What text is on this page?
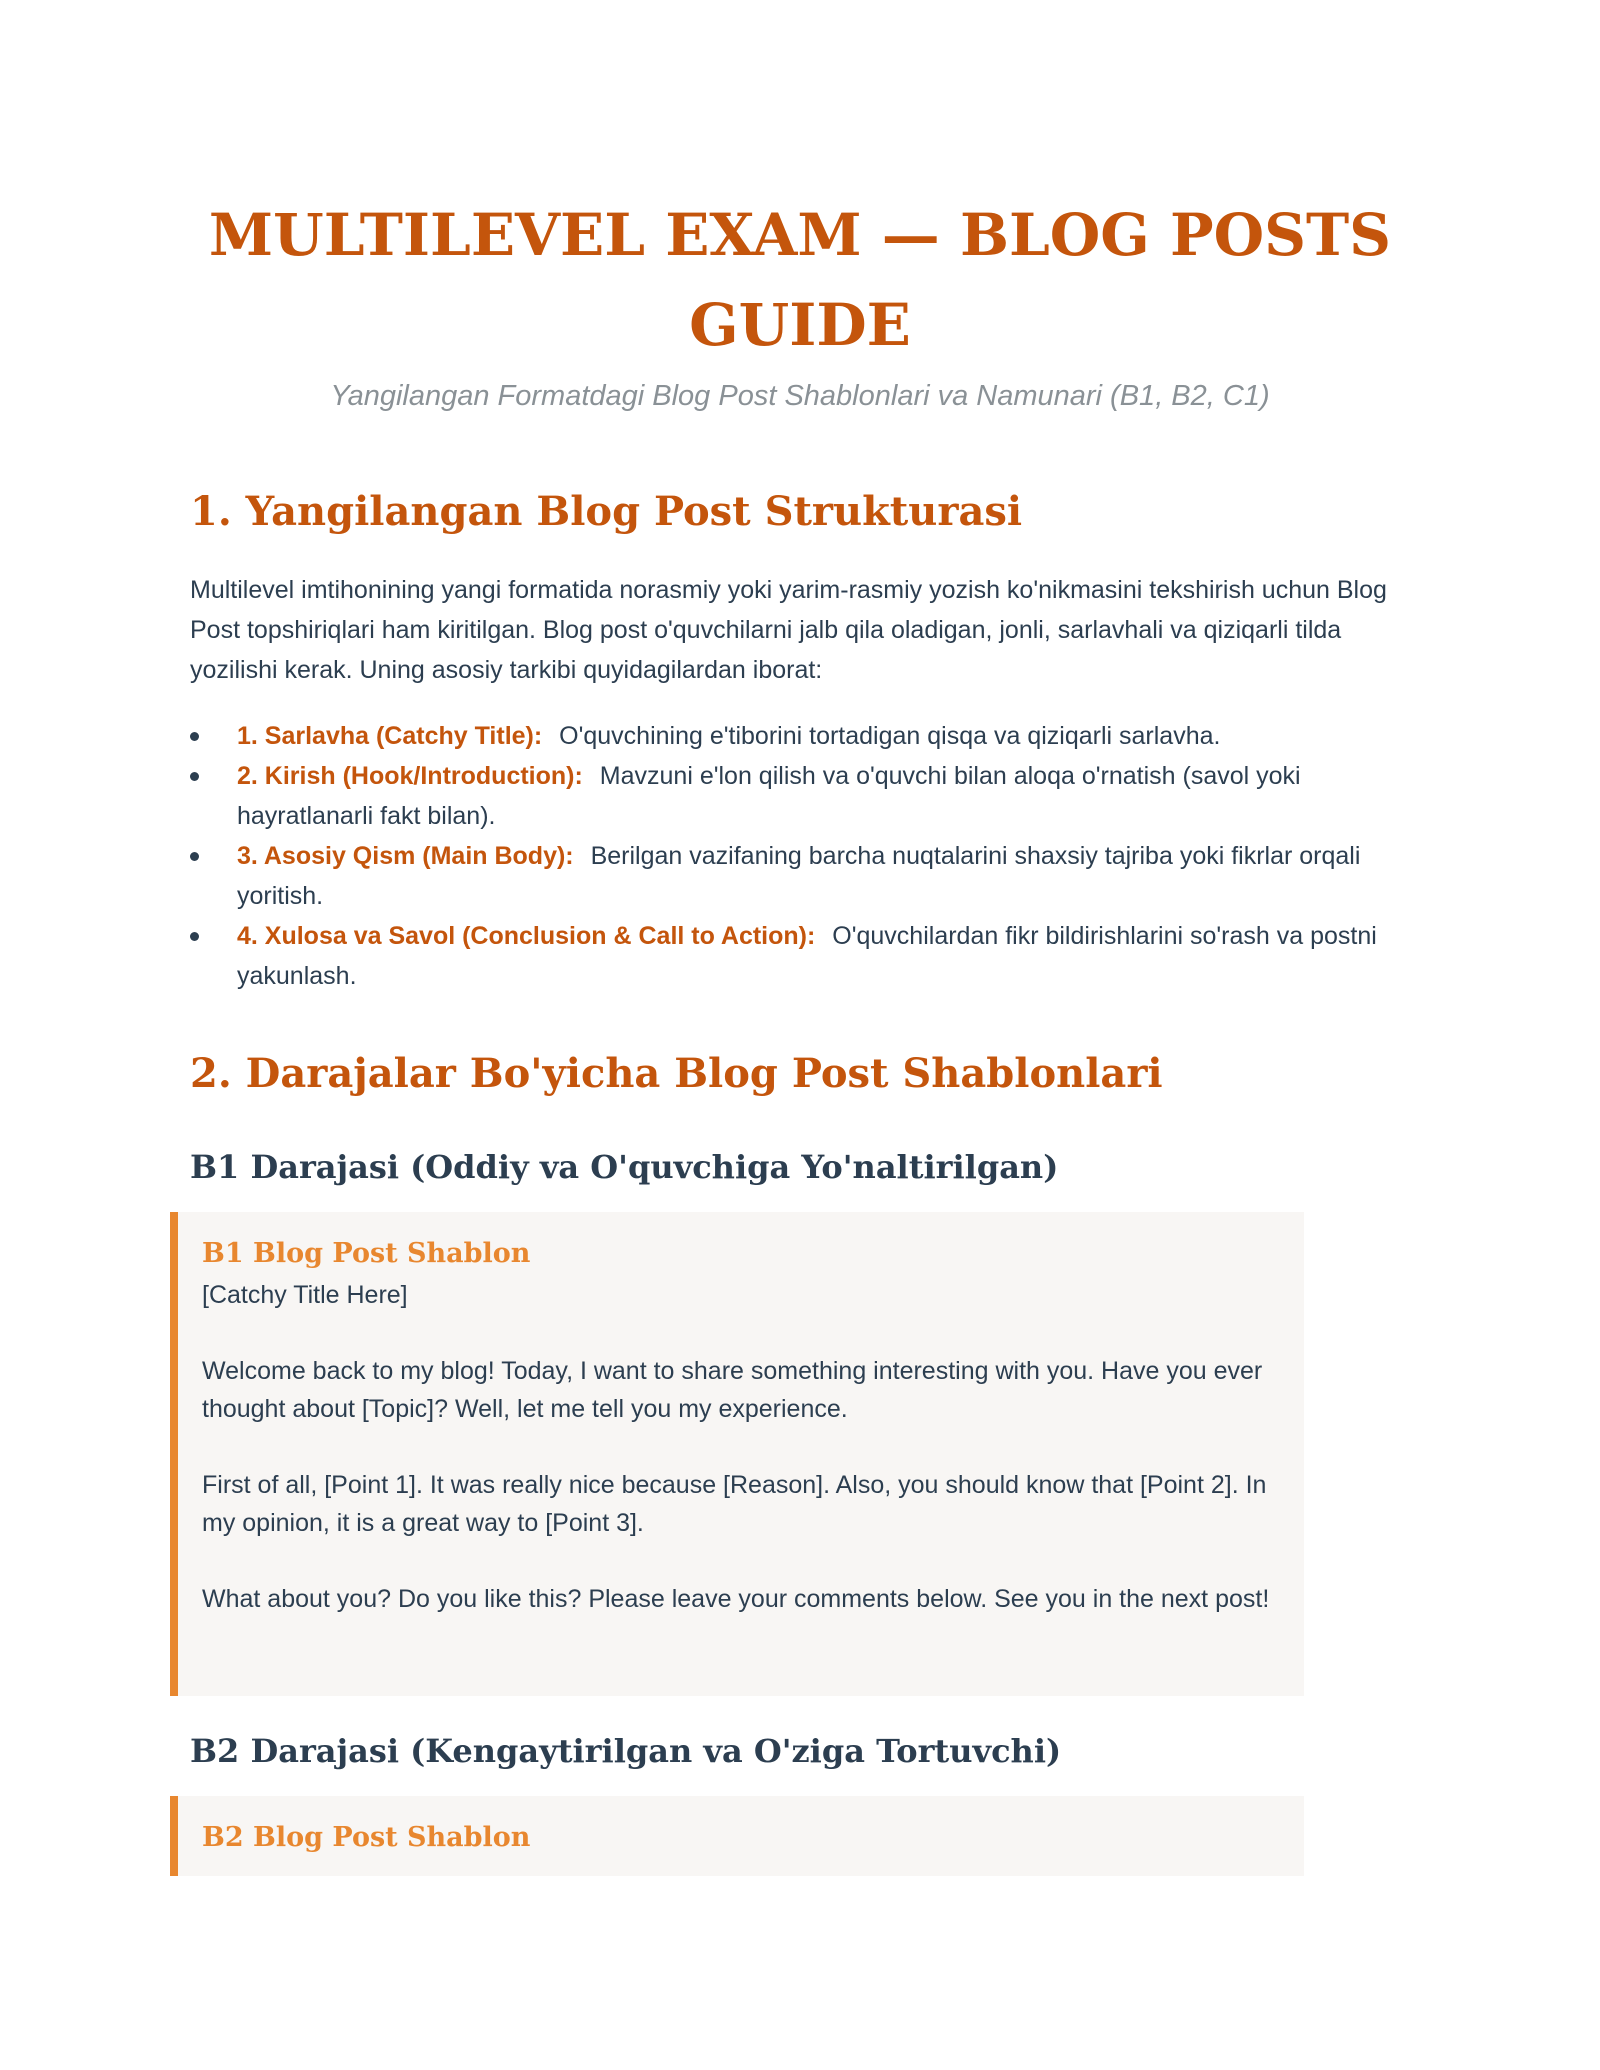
MULTILEVEL EXAM — BLOG POSTS GUIDE

Yangilangan Formatdagi Blog Post Shablonlari va Namunari (B1, B2, C1)

1. Yangilangan Blog Post Strukturasi

Multilevel imtihonining yangi formatida norasmiy yoki yarim-rasmiy yozish ko'nikmasini tekshirish uchun Blog Post topshiriqlari ham kiritilgan. Blog post o'quvchilarni jalb qila oladigan, jonli, sarlavhali va qiziqarli tilda yozilishi kerak. Uning asosiy tarkibi quyidagilardan iborat:

1. Sarlavha (Catchy Title): O'quvchining e'tiborini tortadigan qisqa va qiziqarli sarlavha.
2. Kirish (Hook/Introduction): Mavzuni e'lon qilish va o'quvchi bilan aloqa o'rnatish (savol yoki hayratlanarli fakt bilan).
3. Asosiy Qism (Main Body): Berilgan vazifaning barcha nuqtalarini shaxsiy tajriba yoki fikrlar orqali yoritish.
4. Xulosa va Savol (Conclusion & Call to Action): O'quvchilardan fikr bildirishlarini so'rash va postni yakunlash.
2. Darajalar Bo'yicha Blog Post Shablonlari
B1 Darajasi (Oddiy va O'quvchiga Yo'naltirilgan)

B1 Blog Post Shablon

[Catchy Title Here]

Welcome back to my blog! Today, I want to share something interesting with you. Have you ever thought about [Topic]? Well, let me tell you my experience.

First of all, [Point 1]. It was really nice because [Reason]. Also, you should know that [Point 2]. In my opinion, it is a great way to [Point 3].

What about you? Do you like this? Please leave your comments below. See you in the next post!

B2 Darajasi (Kengaytirilgan va O'ziga Tortuvchi)

B2 Blog Post Shablon
